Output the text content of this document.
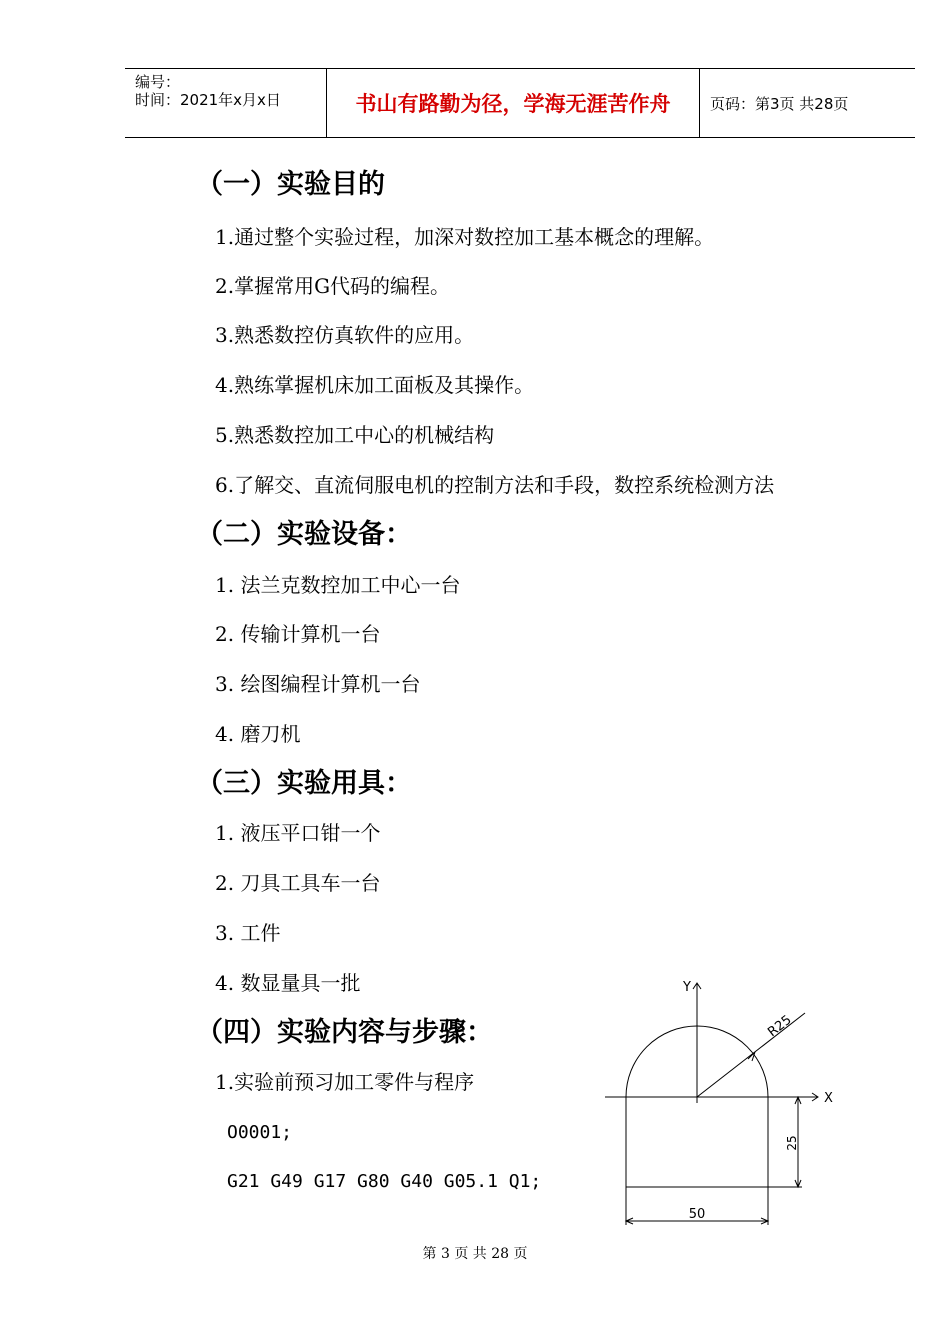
编号：
时间：2021年x月x日	书山有路勤为径，学海无涯苦作舟	页码：第3页 共28页
（一）实验目的
1.通过整个实验过程，加深对数控加工基本概念的理解。
2.掌握常用G代码的编程。
3.熟悉数控仿真软件的应用。
4.熟练掌握机床加工面板及其操作。
5.熟悉数控加工中心的机械结构
6.了解交、直流伺服电机的控制方法和手段，数控系统检测方法
（二）实验设备：
1. 法兰克数控加工中心一台
2. 传输计算机一台
3. 绘图编程计算机一台
4. 磨刀机
（三）实验用具：
1. 液压平口钳一个
2. 刀具工具车一台
3. 工件
4. 数显量具一批
（四）实验内容与步骤：
1.实验前预习加工零件与程序
O0001;
G21 G49 G17 G80 G40 G05.1 Q1;
Y
X
R25
25
50
第 3 页 共 28 页
